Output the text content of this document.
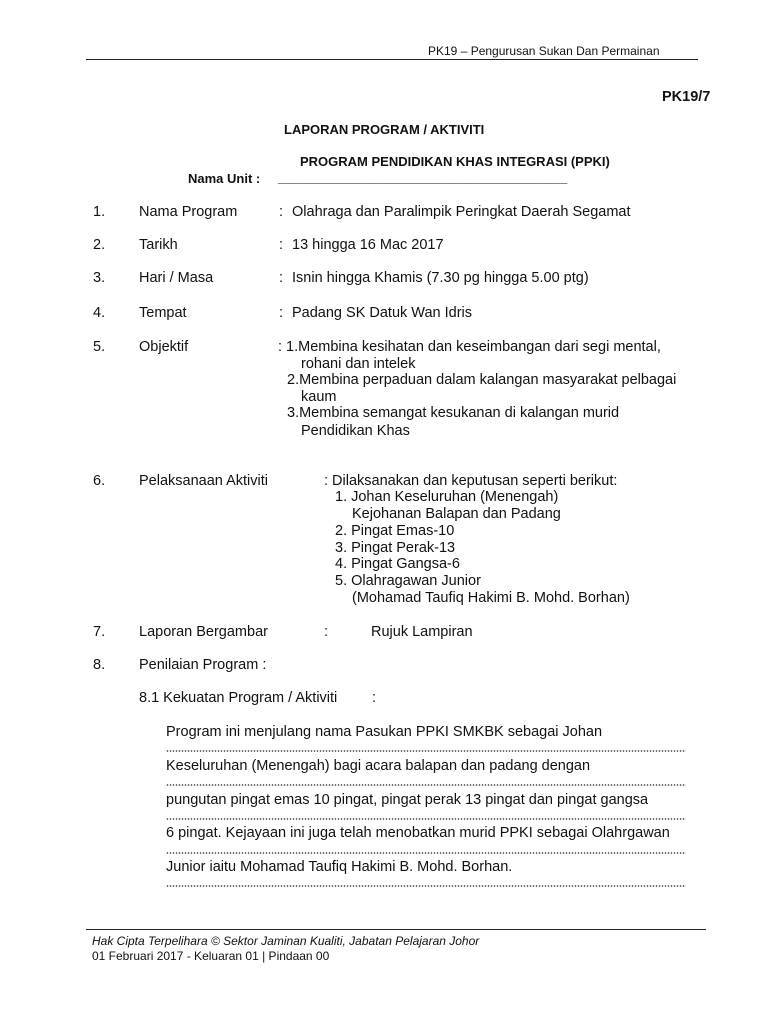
PK19 – Pengurusan Sukan Dan Permainan
PK19/7
LAPORAN PROGRAM / AKTIVITI
PROGRAM PENDIDIKAN KHAS INTEGRASI (PPKI)
Nama Unit : ________________________________________
1. Nama Program	: Olahraga dan Paralimpik Peringkat Daerah Segamat
2. Tarikh	: 13 hingga 16 Mac 2017
3. Hari / Masa	: Isnin hingga Khamis (7.30 pg hingga 5.00 ptg)
4. Tempat	: Padang SK Datuk Wan Idris
5. Objektif	: 1.Membina kesihatan dan keseimbangan dari segi mental,
rohani dan intelek
2.Membina perpaduan dalam kalangan masyarakat pelbagai
kaum
3.Membina semangat kesukanan di kalangan murid
Pendidikan Khas
6. Pelaksanaan Aktiviti	: Dilaksanakan dan keputusan seperti berikut:
1. Johan Keseluruhan (Menengah)
Kejohanan Balapan dan Padang
2. Pingat Emas-10
3. Pingat Perak-13
4. Pingat Gangsa-6
5. Olahragawan Junior
(Mohamad Taufiq Hakimi B. Mohd. Borhan)
7. Laporan Bergambar	:	Rujuk Lampiran
8. Penilaian Program :
8.1 Kekuatan Program / Aktiviti :
Program ini menjulang nama Pasukan PPKI SMKBK sebagai Johan
Keseluruhan (Menengah) bagi acara balapan dan padang dengan
pungutan pingat emas 10 pingat, pingat perak 13 pingat dan pingat gangsa
6 pingat. Kejayaan ini juga telah menobatkan murid PPKI sebagai Olahrgawan
Junior iaitu Mohamad Taufiq Hakimi B. Mohd. Borhan.
Hak Cipta Terpelihara © Sektor Jaminan Kualiti, Jabatan Pelajaran Johor
01 Februari 2017 - Keluaran 01 | Pindaan 00
